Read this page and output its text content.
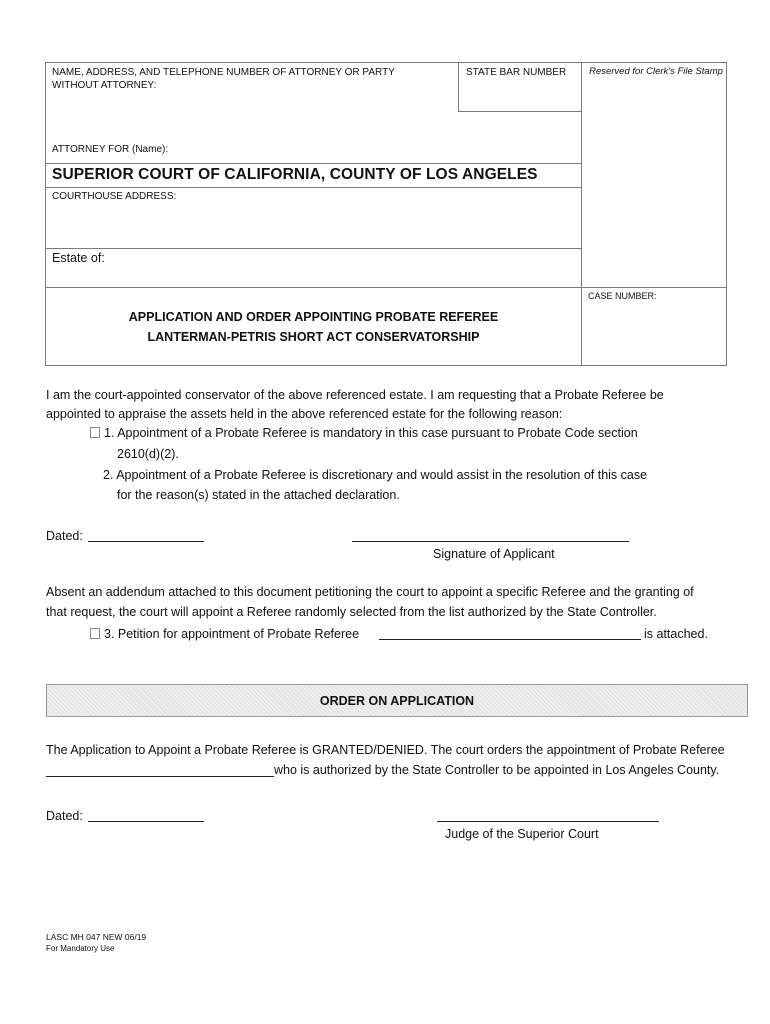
NAME, ADDRESS, AND TELEPHONE NUMBER OF ATTORNEY OR PARTY WITHOUT ATTORNEY:
STATE BAR NUMBER Reserved for Clerk's File Stamp
ATTORNEY FOR (Name):
SUPERIOR COURT OF CALIFORNIA, COUNTY OF LOS ANGELES
COURTHOUSE ADDRESS:
Estate of:
CASE NUMBER:
APPLICATION AND ORDER APPOINTING PROBATE REFEREE
LANTERMAN-PETRIS SHORT ACT CONSERVATORSHIP
I am the court-appointed conservator of the above referenced estate. I am requesting that a Probate Referee be
appointed to appraise the assets held in the above referenced estate for the following reason:
1. Appointment of a Probate Referee is mandatory in this case pursuant to Probate Code section
2610(d)(2).
2. Appointment of a Probate Referee is discretionary and would assist in the resolution of this case
for the reason(s) stated in the attached declaration.
Dated:
Signature of Applicant
Absent an addendum attached to this document petitioning the court to appoint a specific Referee and the granting of
that request, the court will appoint a Referee randomly selected from the list authorized by the State Controller.
3. Petition for appointment of Probate Referee	is attached.
ORDER ON APPLICATION
The Application to Appoint a Probate Referee is GRANTED/DENIED. The court orders the appointment of Probate Referee
who is authorized by the State Controller to be appointed in Los Angeles County.
Dated:
Judge of the Superior Court
LASC MH 047 NEW 06/19
For Mandatory Use
